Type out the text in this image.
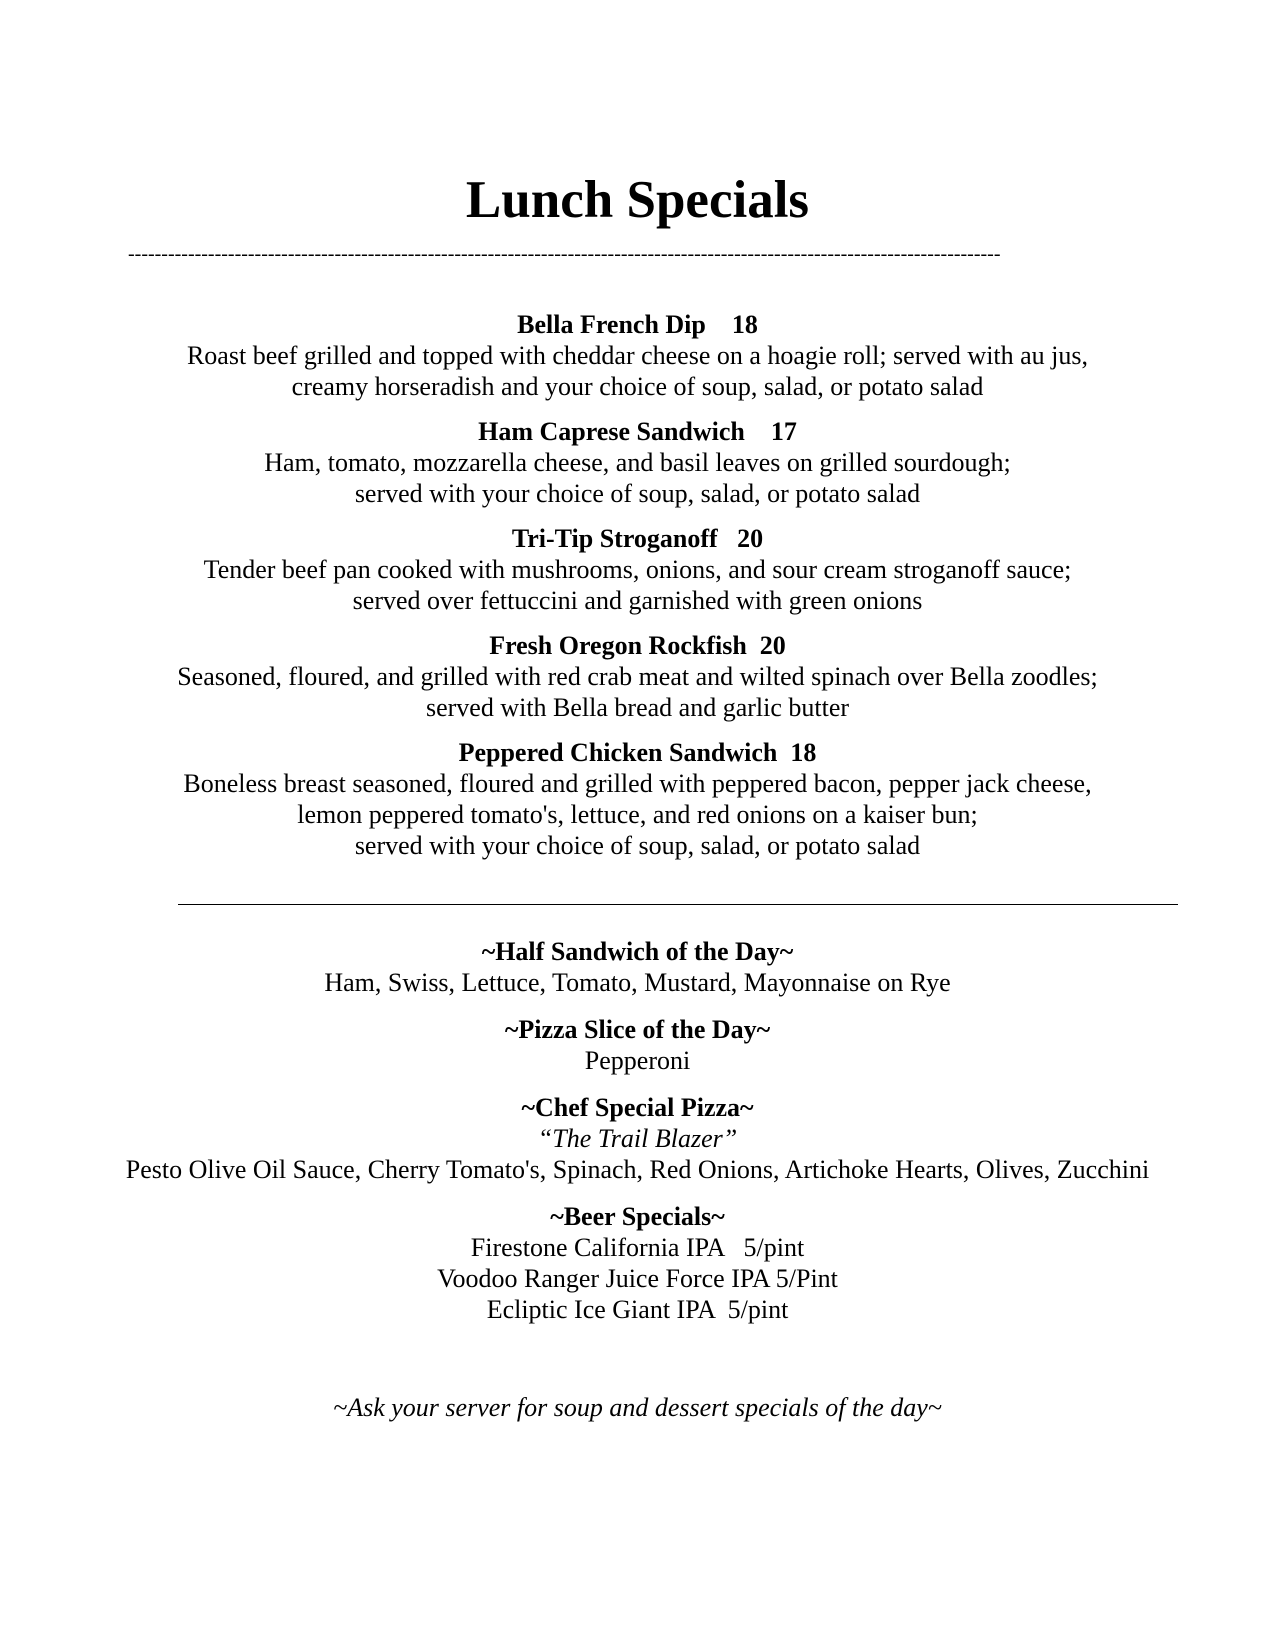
Lunch Specials
-----------------------------------------------------------------------------------------------------------------------------------
Bella French Dip    18
Roast beef grilled and topped with cheddar cheese on a hoagie roll; served with au jus,
creamy horseradish and your choice of soup, salad, or potato salad
Ham Caprese Sandwich    17
Ham, tomato, mozzarella cheese, and basil leaves on grilled sourdough;
served with your choice of soup, salad, or potato salad
Tri-Tip Stroganoff   20
Tender beef pan cooked with mushrooms, onions, and sour cream stroganoff sauce;
served over fettuccini and garnished with green onions
Fresh Oregon Rockfish  20
Seasoned, floured, and grilled with red crab meat and wilted spinach over Bella zoodles;
served with Bella bread and garlic butter
Peppered Chicken Sandwich  18
Boneless breast seasoned, floured and grilled with peppered bacon, pepper jack cheese,
lemon peppered tomato's, lettuce, and red onions on a kaiser bun;
served with your choice of soup, salad, or potato salad
~Half Sandwich of the Day~
Ham, Swiss, Lettuce, Tomato, Mustard, Mayonnaise on Rye
~Pizza Slice of the Day~
Pepperoni
~Chef Special Pizza~
“The Trail Blazer”
Pesto Olive Oil Sauce, Cherry Tomato's, Spinach, Red Onions, Artichoke Hearts, Olives, Zucchini
~Beer Specials~
Firestone California IPA   5/pint
Voodoo Ranger Juice Force IPA 5/Pint
Ecliptic Ice Giant IPA  5/pint
~Ask your server for soup and dessert specials of the day~
